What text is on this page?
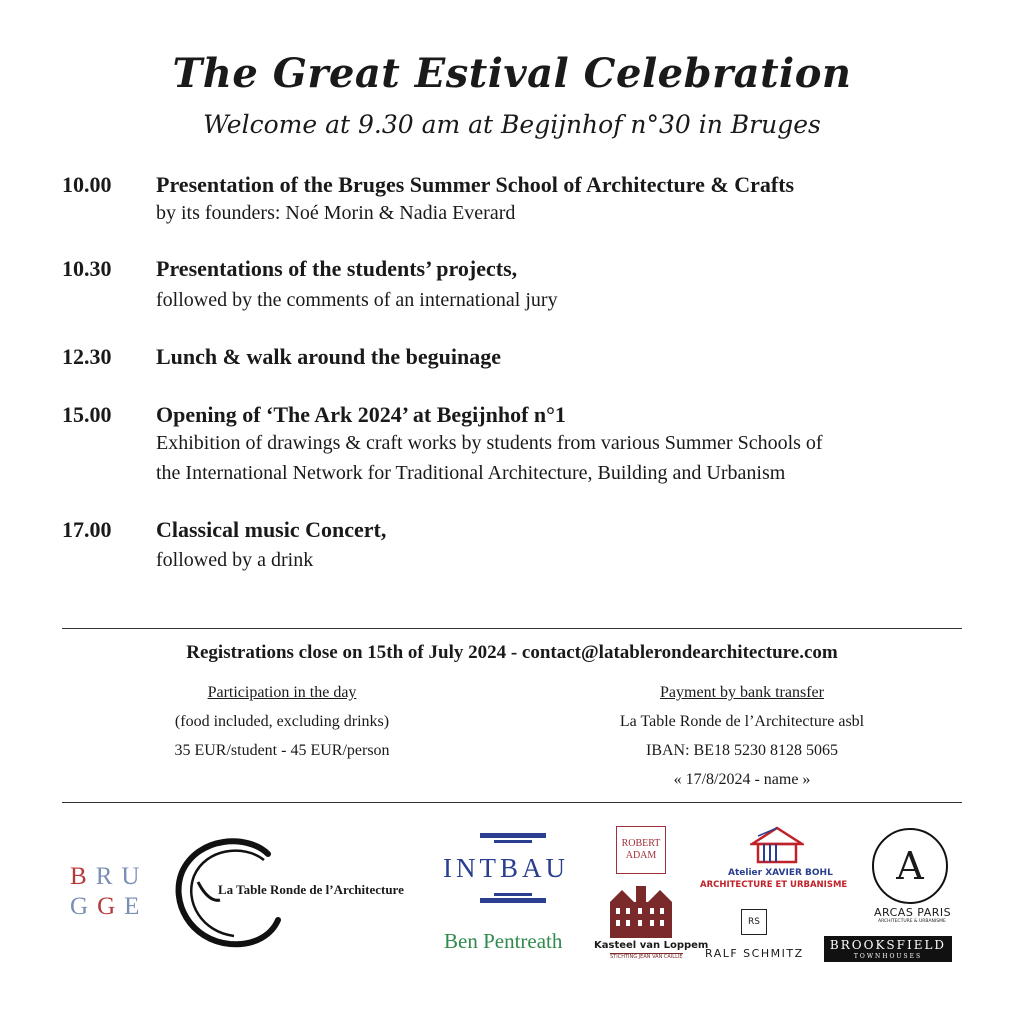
The Great Estival Celebration
Welcome at 9.30 am at Begijnhof n°30 in Bruges
10.00 Presentation of the Bruges Summer School of Architecture & Crafts
by its founders: Noé Morin & Nadia Everard
10.30 Presentations of the students’ projects,
followed by the comments of an international jury
12.30 Lunch & walk around the beguinage
15.00 Opening of ‘The Ark 2024’ at Begijnhof n°1
Exhibition of drawings & craft works by students from various Summer Schools of
the International Network for Traditional Architecture, Building and Urbanism
17.00 Classical music Concert,
followed by a drink
Registrations close on 15th of July 2024 - contact@latablerondearchitecture.com
Participation in the day
(food included, excluding drinks)
35 EUR/student - 45 EUR/person
Payment by bank transfer
La Table Ronde de l’Architecture asbl
IBAN: BE18 5230 8128 5065
« 17/8/2024 - name »
BRU
GGE
La Table Ronde de l’Architecture
INTBAU
Ben Pentreath
ROBERT
ADAM
Kasteel van Loppem
STICHTING JEAN VAN CAILLIE
Atelier XAVIER BOHL
ARCHITECTURE ET URBANISME
RS
RALF SCHMITZ
A
ARCAS PARIS
ARCHITECTURE & URBANISME
BROOKSFIELD
TOWNHOUSES
